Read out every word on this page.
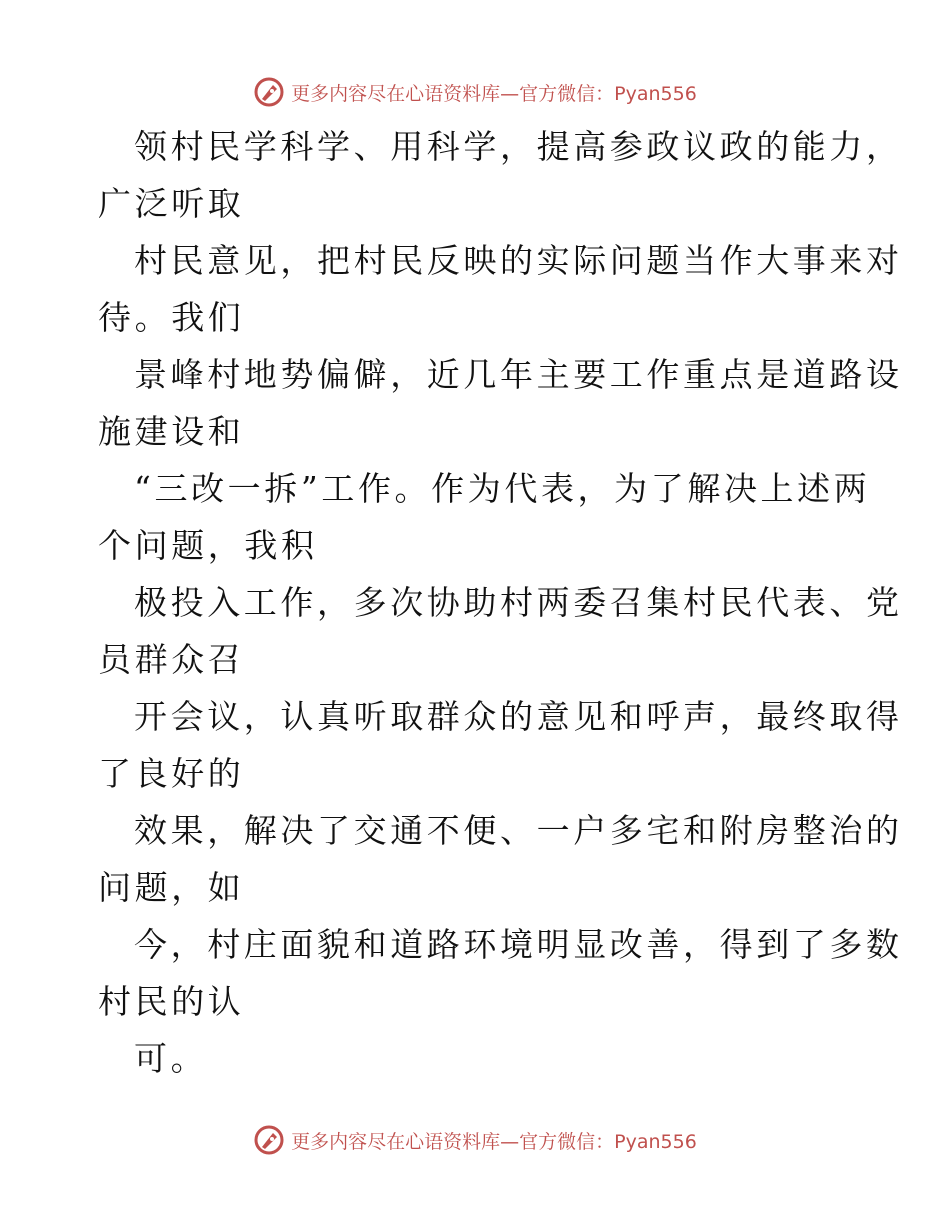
更多内容尽在心语资料库—官方微信：Pyan556

领村民学科学、用科学，提高参政议政的能力，
广泛听取

村民意见，把村民反映的实际问题当作大事来对
待。我们

景峰村地势偏僻，近几年主要工作重点是道路设
施建设和

“三改一拆”工作。作为代表，为了解决上述两
个问题，我积

极投入工作，多次协助村两委召集村民代表、党
员群众召

开会议，认真听取群众的意见和呼声，最终取得
了良好的

效果，解决了交通不便、一户多宅和附房整治的
问题，如

今，村庄面貌和道路环境明显改善，得到了多数
村民的认

可。

更多内容尽在心语资料库—官方微信：Pyan556
